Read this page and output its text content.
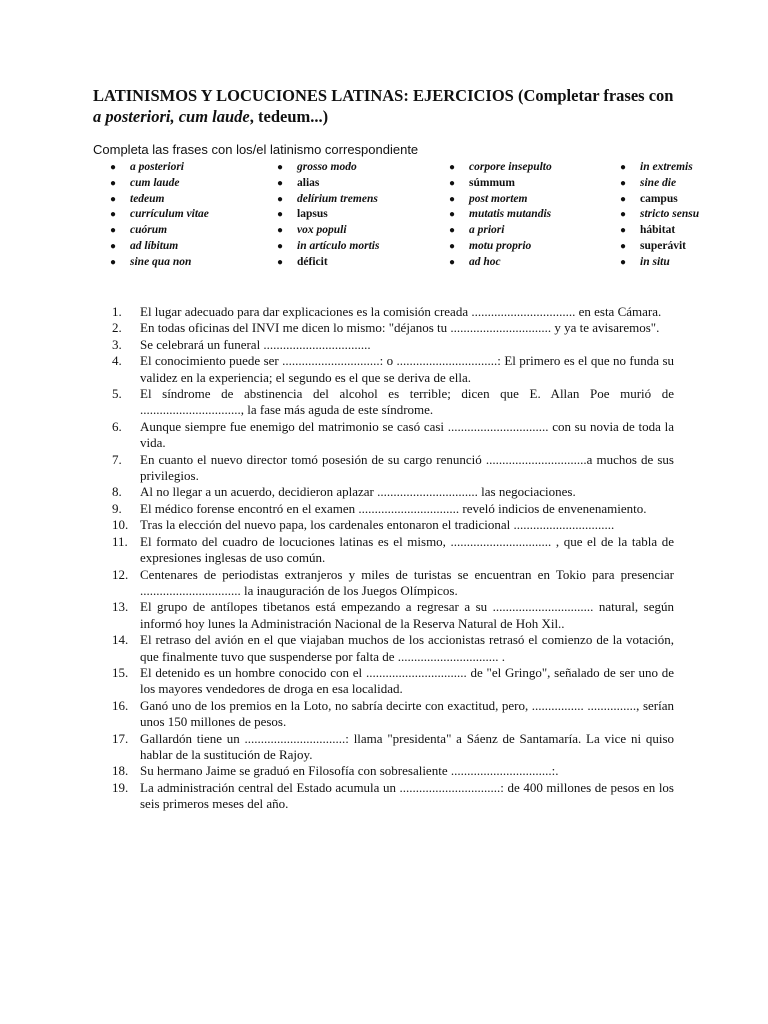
LATINISMOS Y LOCUCIONES LATINAS: EJERCICIOS (Completar frases con a posteriori, cum laude, tedeum...)

Completa las frases con los/el latinismo correspondiente

● a posteriori
● cum laude
● tedeum
● currículum vitae
● cuórum
● ad líbitum
● sine qua non
● grosso modo
● alias
● delírium tremens
● lapsus
● vox populi
● in artículo mortis
● déficit
● corpore insepulto
● súmmum
● post mortem
● mutatis mutandis
● a priori
● motu proprio
● ad hoc
● in extremis
● sine die
● campus
● stricto sensu
● hábitat
● superávit
● in situ
1.	El lugar adecuado para dar explicaciones es la comisión creada ................................ en esta Cámara.
2.	En todas oficinas del INVI me dicen lo mismo: "déjanos tu ............................... y ya te avisaremos".
3.	Se celebrará un funeral .................................
4.	El conocimiento puede ser ..............................: o ...............................: El primero es el que no funda su validez en la experiencia; el segundo es el que se deriva de ella.
5.	El síndrome de abstinencia del alcohol es terrible; dicen que E. Allan Poe murió de ..............................., la fase más aguda de este síndrome.
6.	Aunque siempre fue enemigo del matrimonio se casó casi ............................... con su novia de toda la vida.
7.	En cuanto el nuevo director tomó posesión de su cargo renunció ...............................a muchos de sus privilegios.
8.	Al no llegar a un acuerdo, decidieron aplazar ............................... las negociaciones.
9.	El médico forense encontró en el examen ............................... reveló indicios de envenenamiento.
10. Tras la elección del nuevo papa, los cardenales entonaron el tradicional ...............................
11. El formato del cuadro de locuciones latinas es el mismo, ............................... , que el de la tabla de expresiones inglesas de uso común.
12. Centenares de periodistas extranjeros y miles de turistas se encuentran en Tokio para presenciar ............................... la inauguración de los Juegos Olímpicos.
13. El grupo de antílopes tibetanos está empezando a regresar a su ............................... natural, según informó hoy lunes la Administración Nacional de la Reserva Natural de Hoh Xil..
14. El retraso del avión en el que viajaban muchos de los accionistas retrasó el comienzo de la votación, que finalmente tuvo que suspenderse por falta de ............................... .
15. El detenido es un hombre conocido con el ............................... de "el Gringo", señalado de ser uno de los mayores vendedores de droga en esa localidad.
16. Ganó uno de los premios en la Loto, no sabría decirte con exactitud, pero, ................ ..............., serían unos 150 millones de pesos.
17. Gallardón tiene un ...............................: llama "presidenta" a Sáenz de Santamaría. La vice ni quiso hablar de la sustitución de Rajoy.
18. Su hermano Jaime se graduó en Filosofía con sobresaliente ...............................:.
19. La administración central del Estado acumula un ...............................: de 400 millones de pesos en los seis primeros meses del año.
